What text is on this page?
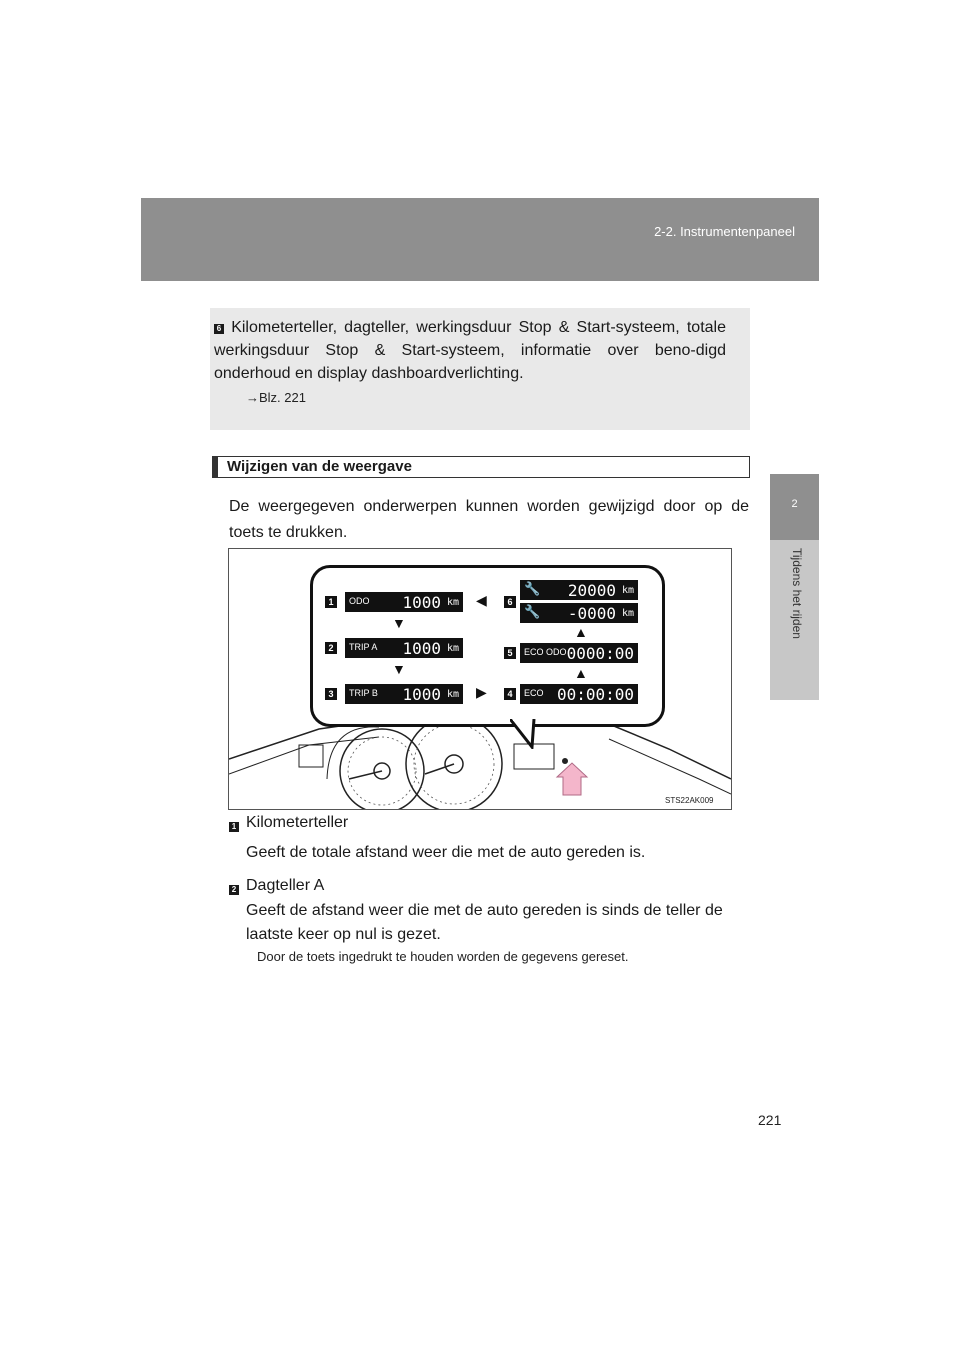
2-2. Instrumentenpaneel
2
Tijdens het rijden
6 Kilometerteller, dagteller, werkingsduur Stop & Start-systeem, totale werkingsduur Stop & Start-systeem, informatie over beno-digd onderhoud en display dashboardverlichting.
→Blz. 221
Wijzigen van de weergave
De weergegeven onderwerpen kunnen worden gewijzigd door op de toets te drukken.
1	ODO 1000 km
▼
2	TRIP A 1000 km
▼
3	TRIP B 1000 km ▶	4	ECO 00:00:00
▲
5	ECO ODO 0000:00
▲
◀	6
🔧 20000 km
🔧 -0000 km
STS22AK009
1 Kilometerteller
Geeft de totale afstand weer die met de auto gereden is.
2 Dagteller A
Geeft de afstand weer die met de auto gereden is sinds de teller de laatste keer op nul is gezet.
Door de toets ingedrukt te houden worden de gegevens gereset.
221
